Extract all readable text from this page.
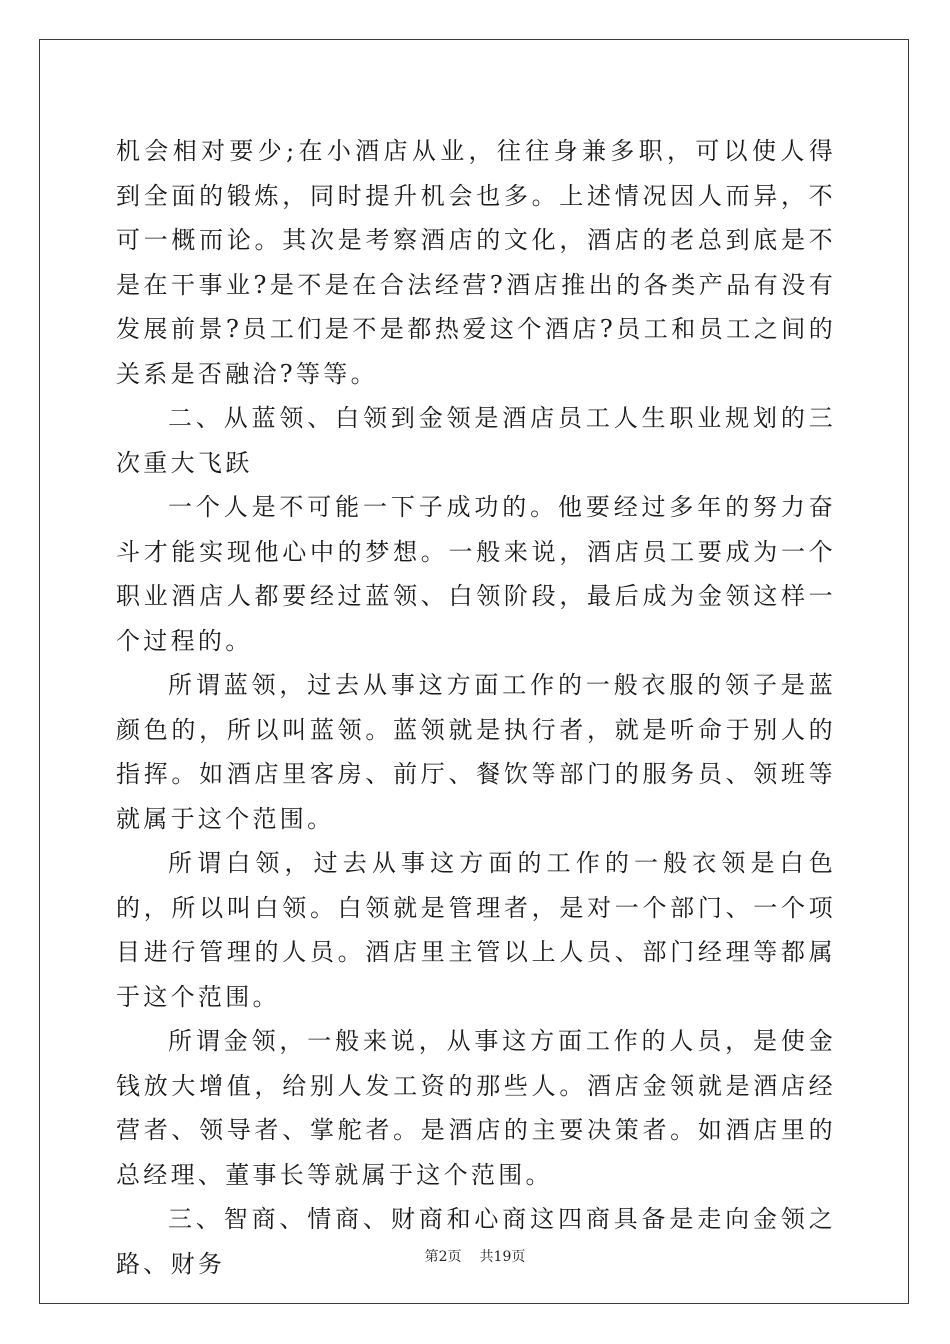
机会相对要少;在小酒店从业，往往身兼多职，可以使人得到全面的锻炼，同时提升机会也多。上述情况因人而异，不可一概而论。其次是考察酒店的文化，酒店的老总到底是不是在干事业?是不是在合法经营?酒店推出的各类产品有没有发展前景?员工们是不是都热爱这个酒店?员工和员工之间的关系是否融洽?等等。

二、从蓝领、白领到金领是酒店员工人生职业规划的三次重大飞跃

一个人是不可能一下子成功的。他要经过多年的努力奋斗才能实现他心中的梦想。一般来说，酒店员工要成为一个职业酒店人都要经过蓝领、白领阶段，最后成为金领这样一个过程的。

所谓蓝领，过去从事这方面工作的一般衣服的领子是蓝颜色的，所以叫蓝领。蓝领就是执行者，就是听命于别人的指挥。如酒店里客房、前厅、餐饮等部门的服务员、领班等就属于这个范围。

所谓白领，过去从事这方面的工作的一般衣领是白色的，所以叫白领。白领就是管理者，是对一个部门、一个项目进行管理的人员。酒店里主管以上人员、部门经理等都属于这个范围。

所谓金领，一般来说，从事这方面工作的人员，是使金钱放大增值，给别人发工资的那些人。酒店金领就是酒店经营者、领导者、掌舵者。是酒店的主要决策者。如酒店里的总经理、董事长等就属于这个范围。

三、智商、情商、财商和心商这四商具备是走向金领之路、财务	第2页 共19页
